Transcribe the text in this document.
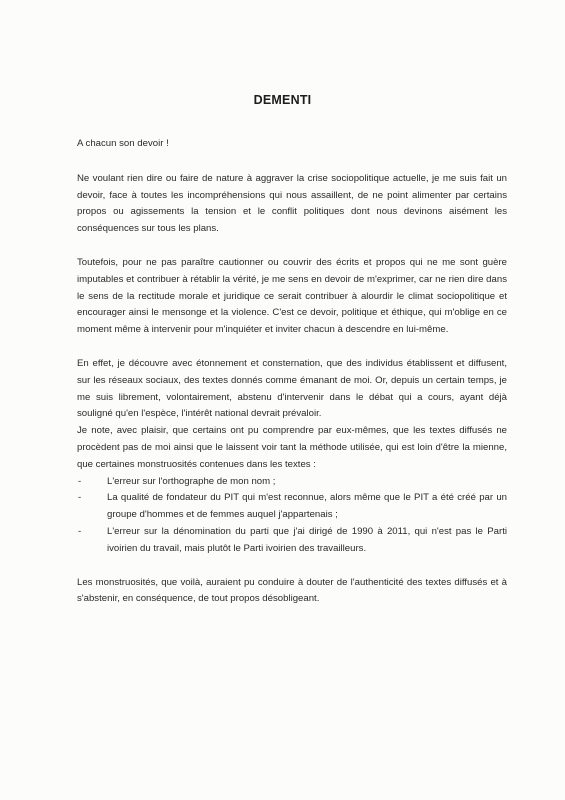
DEMENTI

A chacun son devoir !

Ne voulant rien dire ou faire de nature à aggraver la crise sociopolitique actuelle, je me suis fait un devoir, face à toutes les incompréhensions qui nous assaillent, de ne point alimenter par certains propos ou agissements la tension et le conflit politiques dont nous devinons aisément les conséquences sur tous les plans.

Toutefois, pour ne pas paraître cautionner ou couvrir des écrits et propos qui ne me sont guère imputables et contribuer à rétablir la vérité, je me sens en devoir de m'exprimer, car ne rien dire dans le sens de la rectitude morale et juridique ce serait contribuer à alourdir le climat sociopolitique et encourager ainsi le mensonge et la violence. C'est ce devoir, politique et éthique, qui m'oblige en ce moment même à intervenir pour m'inquiéter et inviter chacun à descendre en lui-même.

En effet, je découvre avec étonnement et consternation, que des individus établissent et diffusent, sur les réseaux sociaux, des textes donnés comme émanant de moi. Or, depuis un certain temps, je me suis librement, volontairement, abstenu d'intervenir dans le débat qui a cours, ayant déjà souligné qu'en l'espèce, l'intérêt national devrait prévaloir.

Je note, avec plaisir, que certains ont pu comprendre par eux-mêmes, que les textes diffusés ne procèdent pas de moi ainsi que le laissent voir tant la méthode utilisée, qui est loin d'être la mienne, que certaines monstruosités contenues dans les textes :

-	L'erreur sur l'orthographe de mon nom ;
-	La qualité de fondateur du PIT qui m'est reconnue, alors même que le PIT a été créé par un groupe d'hommes et de femmes auquel j'appartenais ;
-	L'erreur sur la dénomination du parti que j'ai dirigé de 1990 à 2011, qui n'est pas le Parti ivoirien du travail, mais plutôt le Parti ivoirien des travailleurs.

Les monstruosités, que voilà, auraient pu conduire à douter de l'authenticité des textes diffusés et à s'abstenir, en conséquence, de tout propos désobligeant.
